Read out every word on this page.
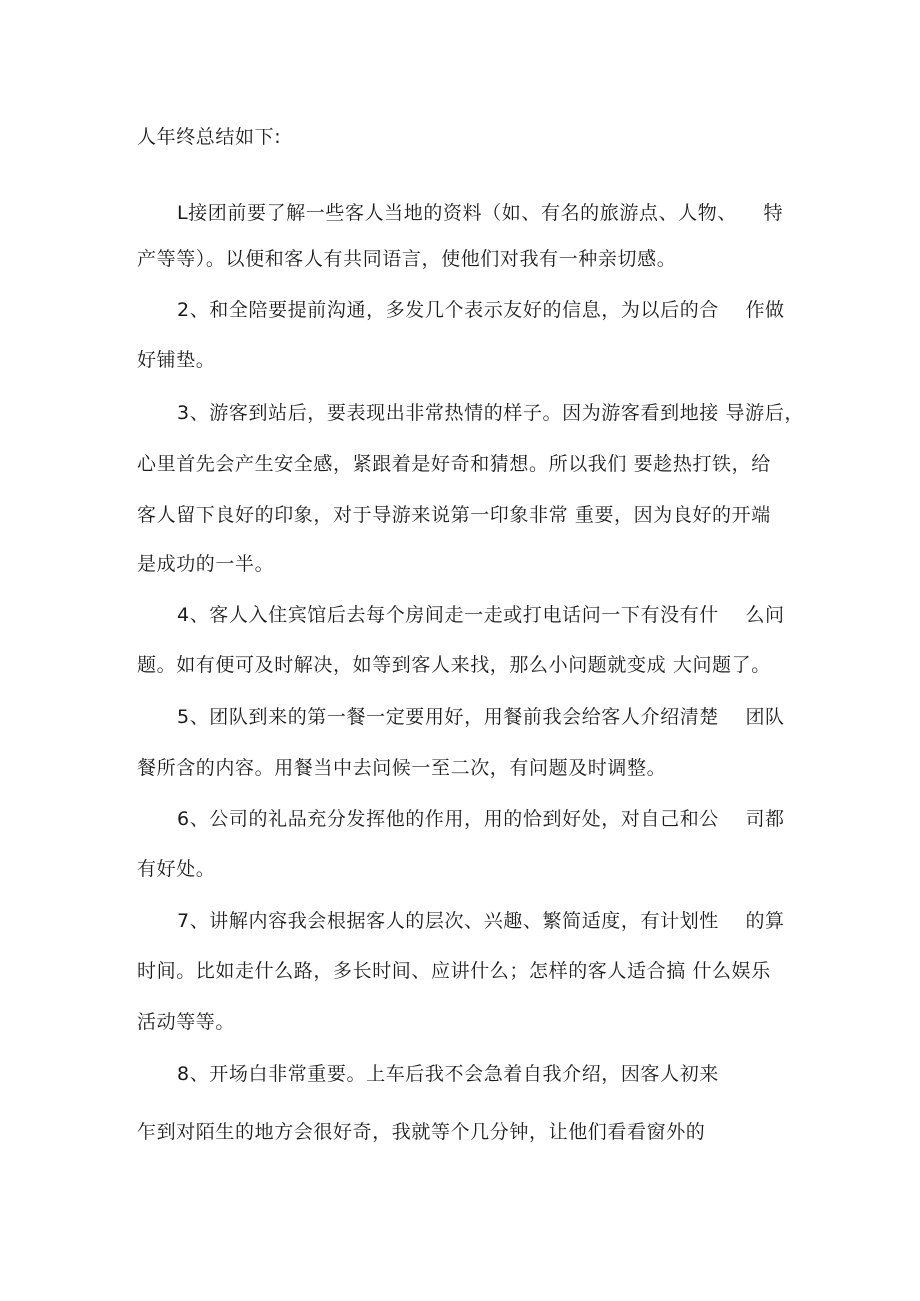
人年终总结如下:
L接团前要了解一些客人当地的资料（如、有名的旅游点、人物、    特
产等等）。以便和客人有共同语言，使他们对我有一种亲切感。
2、和全陪要提前沟通，多发几个表示友好的信息，为以后的合    作做
好铺垫。
3、游客到站后，要表现出非常热情的样子。因为游客看到地接 导游后，
心里首先会产生安全感，紧跟着是好奇和猜想。所以我们 要趁热打铁，给
客人留下良好的印象，对于导游来说第一印象非常 重要，因为良好的开端
是成功的一半。
4、客人入住宾馆后去每个房间走一走或打电话问一下有没有什    么问
题。如有便可及时解决，如等到客人来找，那么小问题就变成 大问题了。
5、团队到来的第一餐一定要用好，用餐前我会给客人介绍清楚    团队
餐所含的内容。用餐当中去问候一至二次，有问题及时调整。
6、公司的礼品充分发挥他的作用，用的恰到好处，对自己和公    司都
有好处。
7、讲解内容我会根据客人的层次、兴趣、繁简适度，有计划性    的算
时间。比如走什么路，多长时间、应讲什么；怎样的客人适合搞 什么娱乐
活动等等。
8、开场白非常重要。上车后我不会急着自我介绍，因客人初来
乍到对陌生的地方会很好奇，我就等个几分钟，让他们看看窗外的
